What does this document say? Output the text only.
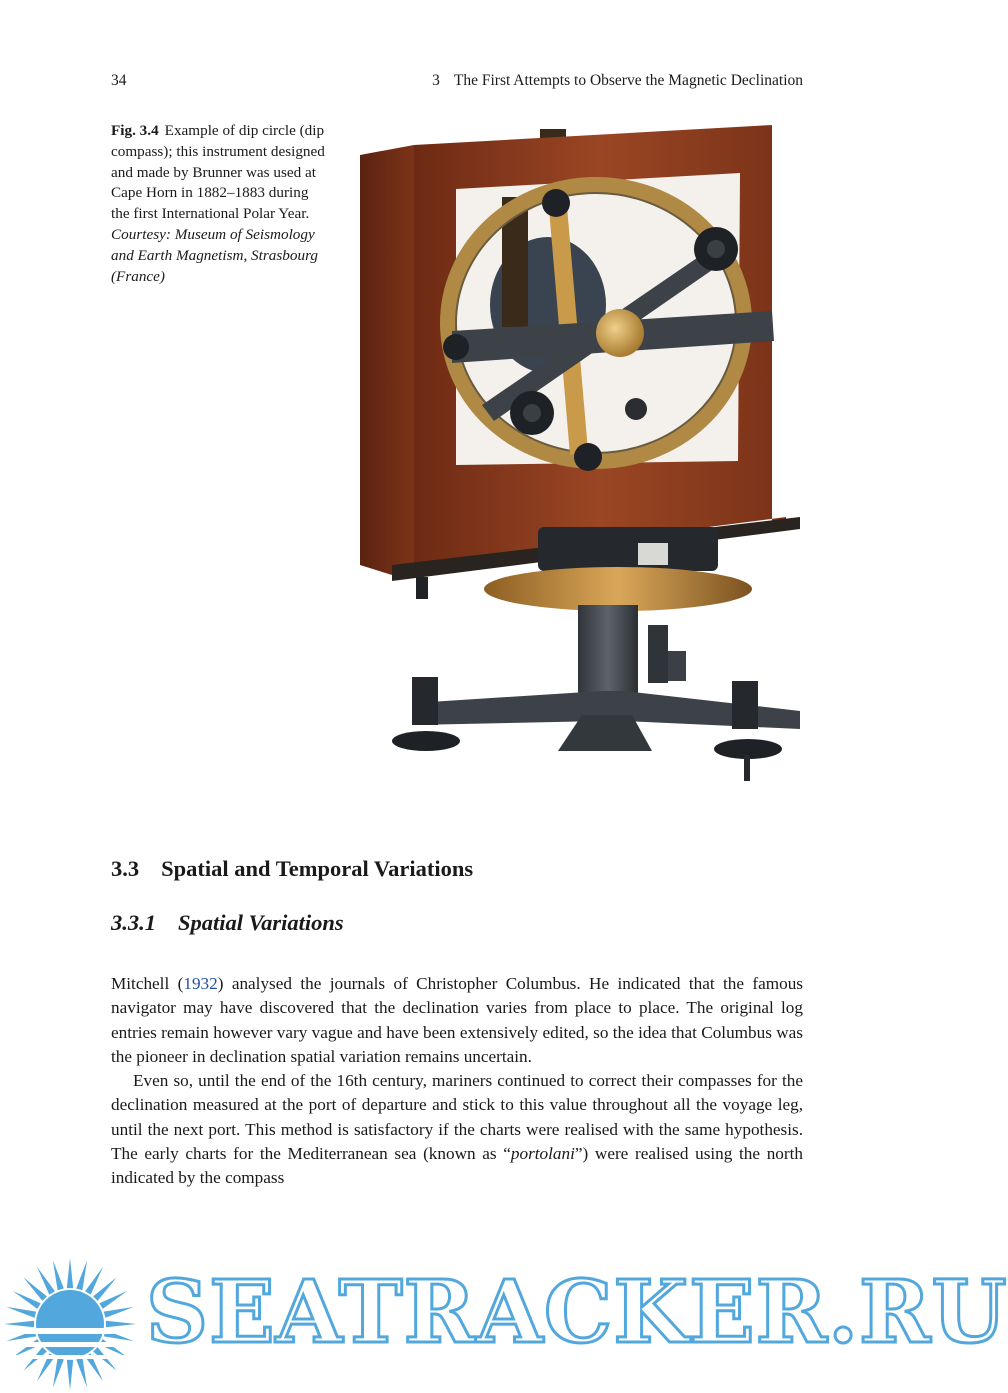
34	3 The First Attempts to Observe the Magnetic Declination
Fig. 3.4 Example of dip circle (dip compass); this instrument designed and made by Brunner was used at Cape Horn in 1882–1883 during the first International Polar Year. Courtesy: Museum of Seismology and Earth Magnetism, Strasbourg (France)
3.3 Spatial and Temporal Variations
3.3.1 Spatial Variations

Mitchell (1932) analysed the journals of Christopher Columbus. He indicated that the famous navigator may have discovered that the declination varies from place to place. The original log entries remain however vary vague and have been extensively edited, so the idea that Columbus was the pioneer in declination spatial variation remains uncertain.

Even so, until the end of the 16th century, mariners continued to correct their compasses for the declination measured at the port of departure and stick to this value throughout all the voyage leg, until the next port. This method is satisfactory if the charts were realised with the same hypothesis. The early charts for the Mediterranean sea (known as “portolani”) were realised using the north indicated by the compass

SEATRACKER.RU
